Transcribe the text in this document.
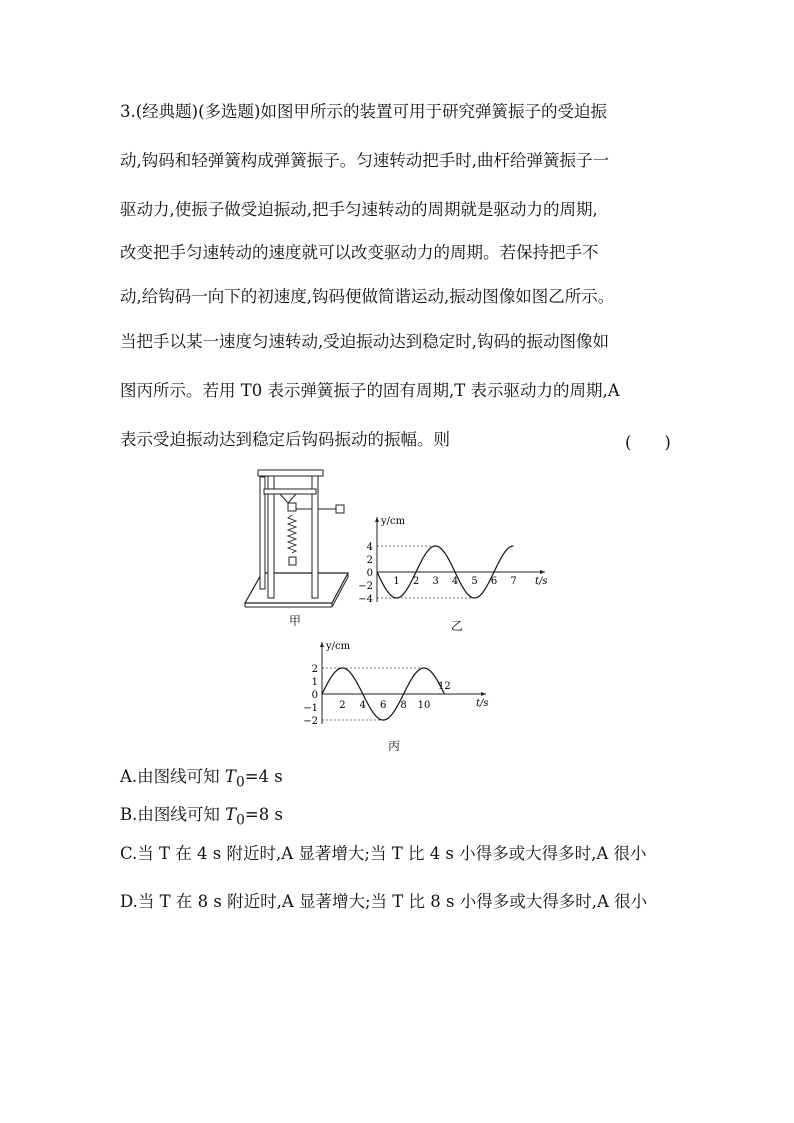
3.(经典题)(多选题)如图甲所示的装置可用于研究弹簧振子的受迫振
动,钩码和轻弹簧构成弹簧振子。匀速转动把手时,曲杆给弹簧振子一
驱动力,使振子做受迫振动,把手匀速转动的周期就是驱动力的周期,
改变把手匀速转动的速度就可以改变驱动力的周期。若保持把手不
动,给钩码一向下的初速度,钩码便做简谐运动,振动图像如图乙所示。
当把手以某一速度匀速转动,受迫振动达到稳定时,钩码的振动图像如
图丙所示。若用 T0 表示弹簧振子的固有周期,T 表示驱动力的周期,A
表示受迫振动达到稳定后钩码振动的振幅。则	(　　)
甲
y/cm
t/s
4
2
0
−2
−4
1 2 3 4 5 6 7
乙
y/cm
t/s
2
1
0
−1
−2
2 4 6 8 10
12
丙
A.由图线可知 $T_0=4$ s
B.由图线可知 $T_0=8$ s
C.当 T 在 4 s 附近时,A 显著增大;当 T 比 4 s 小得多或大得多时,A 很小
D.当 T 在 8 s 附近时,A 显著增大;当 T 比 8 s 小得多或大得多时,A 很小
